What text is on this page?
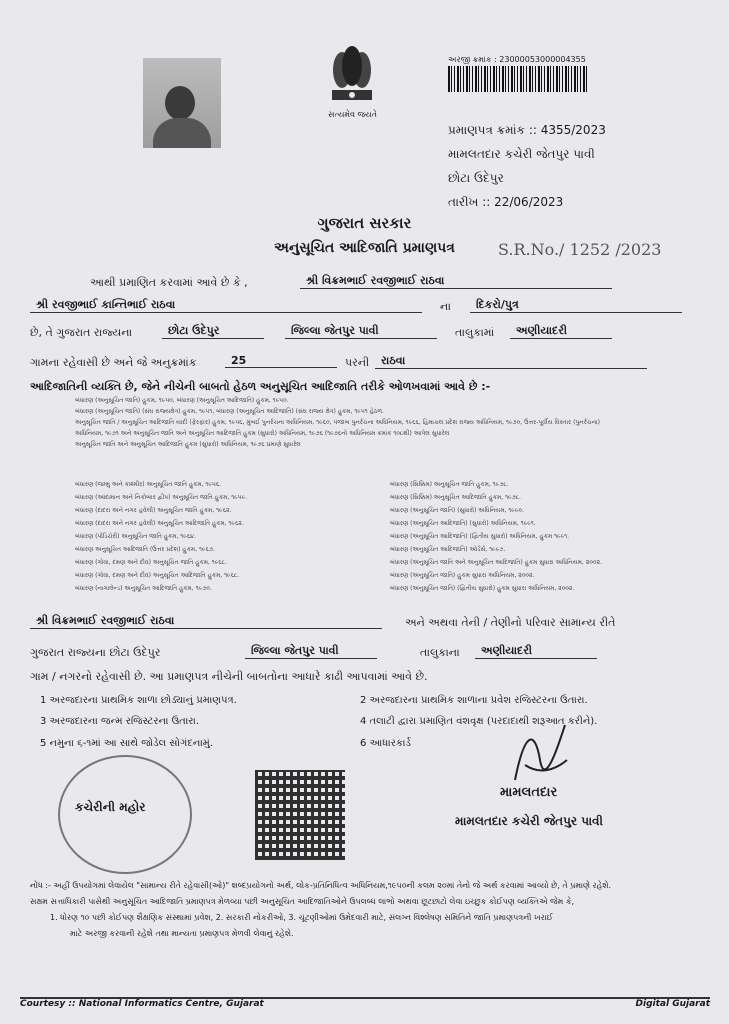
સત્યમેવ જયતે
અરજી ક્રમાંક : 23000053000004355
પ્રમાણપત્ર ક્રમાંક :: 4355/2023
મામલતદાર કચેરી જેતપુર પાવી
છોટા ઉદેપુર
તારીખ :: 22/06/2023
ગુજરાત સરકાર
અનુસૂચિત આદિજાતિ પ્રમાણપત્ર	S.R.No./ 1252 /2023
આથી પ્રમાણિત કરવામાં આવે છે કે ,	શ્રી વિક્રમભાઈ રવજીભાઈ રાઠવા
શ્રી રવજીભાઈ કાન્તિભાઈ રાઠવા	ના	દિકરો/પુત્ર
છે, તે ગુજરાત રાજ્યના	છોટા ઉદેપુર	જિલ્લા જેતપુર પાવી	તાલુકામાં	અણીયાદરી
ગામના રહેવાસી છે અને જે અનુક્રમાંક	25	પરની	રાઠવા
આદિજાતિની વ્યક્તિ છે, જેને નીચેની બાબતો હેઠળ અનુસૂચિત આદિજાતિ તરીકે ઓળખવામાં આવે છે :-
બંધારણ (અનુસૂચિત જાતિ) હુકમ, ૧૯૫૦, બંધારણ (અનુસૂચિત આદિજાતિ) હુકમ, ૧૯૫૦.
બંધારણ (અનુસૂચિત જાતિ) (સંઘ રાજ્યક્ષેત્ર) હુકમ, ૧૯૫૧, બંધારણ (અનુસૂચિત આદિજાતિ) (સંઘ રાજ્ય ક્ષેત્ર) હુકમ, ૧૯૫૧ હેઠળ.
અનુસૂચિત જાતિ / અનુસૂચિત આદિજાતિ યાદી (ફેરફાર) હુકમ, ૧૯૫૬, મુંબઈ પુનર્રચના અધિનિયમ, ૧૯૬૦, પંજાબ પુનર્રચના અધિનિયમ, ૧૯૬૬, હિમાચલ પ્રદેશ રાજ્ય અધિનિયમ, ૧૯૭૦, ઉત્તર-પૂર્વીય વિસ્તાર (પુનર્રચના)
અધિનિયમ, ૧૯૭૧ અને અનુસૂચિત જાતિ અને અનુસૂચિત આદિજાતિ હુકમ (સુધારો) અધિનિયમ, ૧૯૭૬ (૧૯૭૬નો અધિનિયમ ક્રમાંક ૧૦૮થી) આપેલ સુધારેલ
અનુસૂચિત જાતિ અને અનુસૂચિત આદિજાતિ હુકમ (સુધારો) અધિનિયમ, ૧૯૭૬ પ્રમાણે સુધારેલ
બંધારણ (જમ્મુ અને કાશ્મીર) અનુસૂચિત જાતિ હુકમ, ૧૯૫૬.
બંધારણ (આંદામાન અને નિકોબાર દ્વીપ) અનુસૂચિત જાતિ હુકમ, ૧૯૫૯.
બંધારણ (દાદરા અને નગર હવેલી) અનુસૂચિત જાતિ હુકમ, ૧૯૬૨.
બંધારણ (દાદરા અને નગર હવેલી) અનુસૂચિત આદિજાતિ હુકમ, ૧૯૬૨.
બંધારણ (પોંડિચેરી) અનુસૂચિત જાતિ હુકમ, ૧૯૬૪.
બંધારણ અનુસૂચિત આદિજાતિ (ઉત્તર પ્રદેશ) હુકમ, ૧૯૬૭.
બંધારણ (ગોવા, દમણ અને દીવ) અનુસૂચિત જાતિ હુકમ, ૧૯૬૮.
બંધારણ (ગોવા, દમણ અને દીવ) અનુસૂચિત આદિજાતિ હુકમ, ૧૯૬૮.
બંધારણ (નાગાલેન્ડ) અનુસૂચિત આદિજાતિ હુકમ, ૧૯૭૦.
બંધારણ (સિક્કિમ) અનુસૂચિત જાતિ હુકમ, ૧૯૭૮.
બંધારણ (સિક્કિમ) અનુસૂચિત આદિજાતિ હુકમ, ૧૯૭૮.
બંધારણ (અનુસૂચિત જાતિ) (સુધારો) અધિનિયમ, ૧૯૯૦.
બંધારણ (અનુસૂચિત આદિજાતિ) (સુધારો) અધિનિયમ, ૧૯૯૧.
બંધારણ (અનુસૂચિત આદિજાતિ) (દ્વિતીય સુધારો) અધિનિયમ, હુકમ ૧૯૯૧.
બંધારણ (અનુસૂચિત આદિજાતિ) ઓર્ડર્સ, ૧૯૯૭.
બંધારણ (અનુસૂચિત જાતિ અને અનુસૂચિત આદિજાતિ) હુકમ સુધારા અધિનિયમ, ૨૦૦૨.
બંધારણ (અનુસૂચિત જાતિ) હુકમ સુધારા અધિનિયમ, ૨૦૦૨.
બંધારણ (અનુસૂચિત જાતિ) (દ્વિતીય સુધારો) હુકમ સુધારા અધિનિયમ, ૨૦૦૨.
શ્રી વિક્રમભાઈ રવજીભાઈ રાઠવા	અને અથવા તેની / તેણીનો પરિવાર સામાન્ય રીતે
ગુજરાત રાજ્યના છોટા ઉદેપુર	જિલ્લા જેતપુર પાવી	તાલુકાના	અણીયાદરી
ગામ / નગરનો રહેવાસી છે. આ પ્રમાણપત્ર નીચેની બાબતોના આધારે કાઢી આપવામાં આવે છે.
1 અરજદારના પ્રાથમિક શાળા છોડ્યાનું પ્રમાણપત્ર.	2 અરજદારના પ્રાથમિક શાળાના પ્રવેશ રજિસ્ટરના ઉતારા.
3 અરજદારના જન્મ રજિસ્ટરના ઉતારા.	4 તલાટી દ્વારા પ્રમાણિત વંશવૃક્ષ (પરદાદાથી શરૂઆત કરીને).
5 નમુના ૬-૧માં આ સાથે જોડેલ સોગંદનામું.	6 આધારકાર્ડ
કચેરીની મહોર
મામલતદાર
મામલતદાર કચેરી જેતપુર પાવી
નોંધ :- અહીં ઉપયોગમાં લેવાયેલ "સામાન્ય રીતે રહેવાસી(ઓ)" શબ્દપ્રયોગનો અર્થ, લોક-પ્રતિનિધિત્વ અધિનિયમ,૧૯૫૦ની કલમ ૨૦માં તેનો જે અર્થ કરવામાં આવ્યો છે, તે પ્રમાણે રહેશે.
સક્ષમ સત્તાધિકારી પાસેથી અનુસૂચિત આદિજાતિ પ્રમાણપત્ર મેળવ્યા પછી અનુસૂચિત આદિજાતિઓને ઉપલબ્ધ લાભો અથવા છૂટછાટો લેવા ઇચ્છુક કોઈપણ વ્યક્તિએ જેમ કે,
1. ધોરણ ૧૦ પછી કોઈપણ શૈક્ષણિક સંસ્થામાં પ્રવેશ, 2. સરકારી નોકરીઓ, 3. ચૂંટણીઓમાં ઉમેદવારી માટે, સંલગ્ન વિશ્લેષણ સમિતિને જાતિ પ્રમાણપત્રની ખરાઈ
માટે અરજી કરવાની રહેશે તથા માન્યતા પ્રમાણપત્ર મેળવી લેવાનું રહેશે.
Courtesy :: National Informatics Centre, Gujarat	Digital Gujarat
